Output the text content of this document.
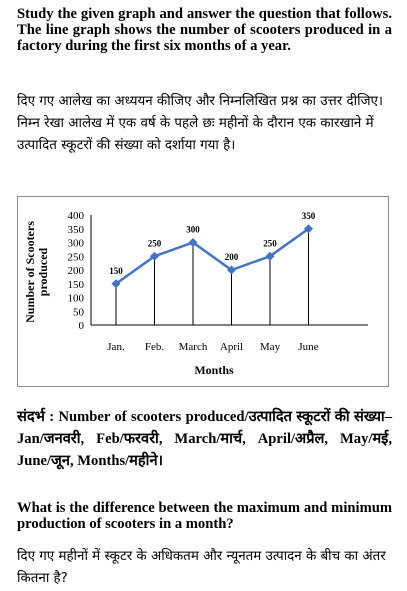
Study the given graph and answer the question that follows. The line graph shows the number of scooters produced in a factory during the first six months of a year.
दिए गए आलेख का अध्ययन कीजिए और निम्नलिखित प्रश्न का उत्तर दीजिए।
निम्न रेखा आलेख में एक वर्ष के पहले छः महीनों के दौरान एक कारखाने में उत्पादित स्कूटरों की संख्या को दर्शाया गया है।
0
50
100
150
200
250
300
350
400
150
250
300
200
250
350
Jan. Feb. March April May June
Months
Number of Scooters produced
संदर्भ : Number of scooters produced/उत्पादित स्कूटरों की संख्या– Jan/जनवरी, Feb/फरवरी, March/मार्च, April/अप्रैल, May/मई, June/जून, Months/महीने।
What is the difference between the maximum and minimum production of scooters in a month?
दिए गए महीनों में स्कूटर के अधिकतम और न्यूनतम उत्पादन के बीच का अंतर कितना है?
